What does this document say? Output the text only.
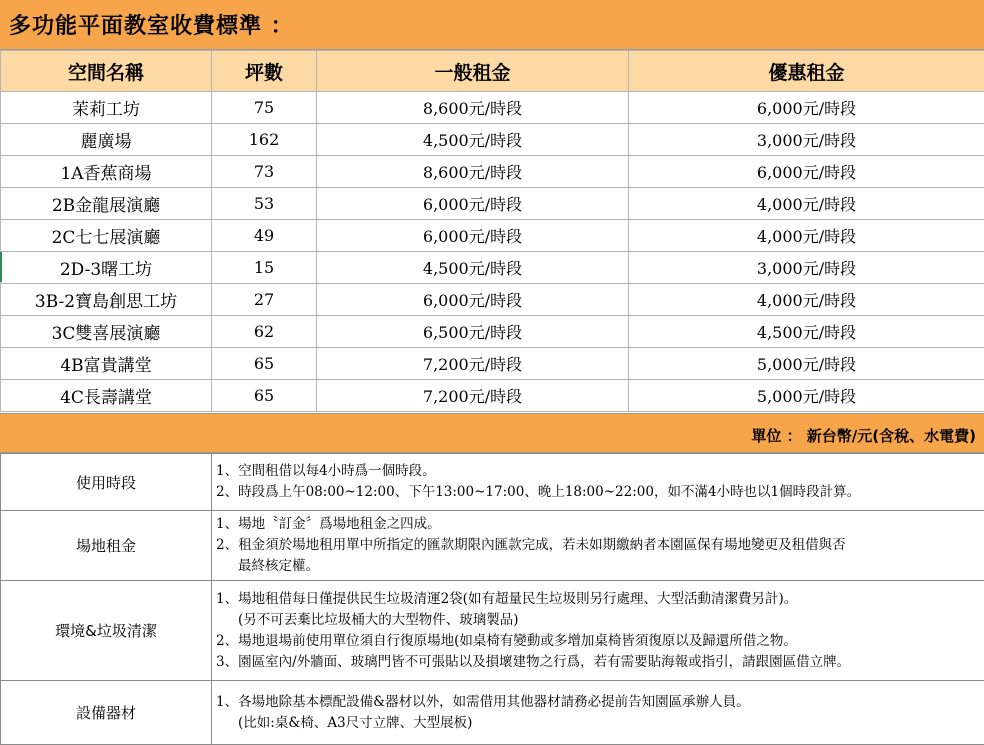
多功能平面教室收費標準 ：
空間名稱	坪數	一般租金	優惠租金
茉莉工坊	75	8,600元/時段	6,000元/時段
麗廣場	162	4,500元/時段	3,000元/時段
1A香蕉商場	73	8,600元/時段	6,000元/時段
2B金龍展演廳	53	6,000元/時段	4,000元/時段
2C七七展演廳	49	6,000元/時段	4,000元/時段
2D-3曙工坊	15	4,500元/時段	3,000元/時段
3B-2寶島創思工坊	27	6,000元/時段	4,000元/時段
3C雙喜展演廳	62	6,500元/時段	4,500元/時段
4B富貴講堂	65	7,200元/時段	5,000元/時段
4C長壽講堂	65	7,200元/時段	5,000元/時段
單位 ： 新台幣/元(含稅、水電費)
使用時段	1、空間租借以每4小時爲一個時段。
2、時段爲上午08:00~12:00、下午13:00~17:00、晚上18:00~22:00，如不滿4小時也以1個時段計算。

場地租金	1、場地〝訂金〞爲場地租金之四成。
2、租金須於場地租用單中所指定的匯款期限內匯款完成，若未如期繳納者本園區保有場地變更及租借與否
最終核定權。

環境&垃圾清潔	1、場地租借每日僅提供民生垃圾清運2袋(如有超量民生垃圾則另行處理、大型活動清潔費另計)。
(另不可丟棄比垃圾桶大的大型物件、玻璃製品)
2、場地退場前使用單位須自行復原場地(如桌椅有變動或多增加桌椅皆須復原以及歸還所借之物。
3、園區室內/外牆面、玻璃門皆不可張貼以及損壞建物之行爲，若有需要貼海報或指引，請跟園區借立牌。

設備器材	1、各場地除基本標配設備&器材以外，如需借用其他器材請務必提前告知園區承辦人員。
(比如:桌&椅、A3尺寸立牌、大型展板)
